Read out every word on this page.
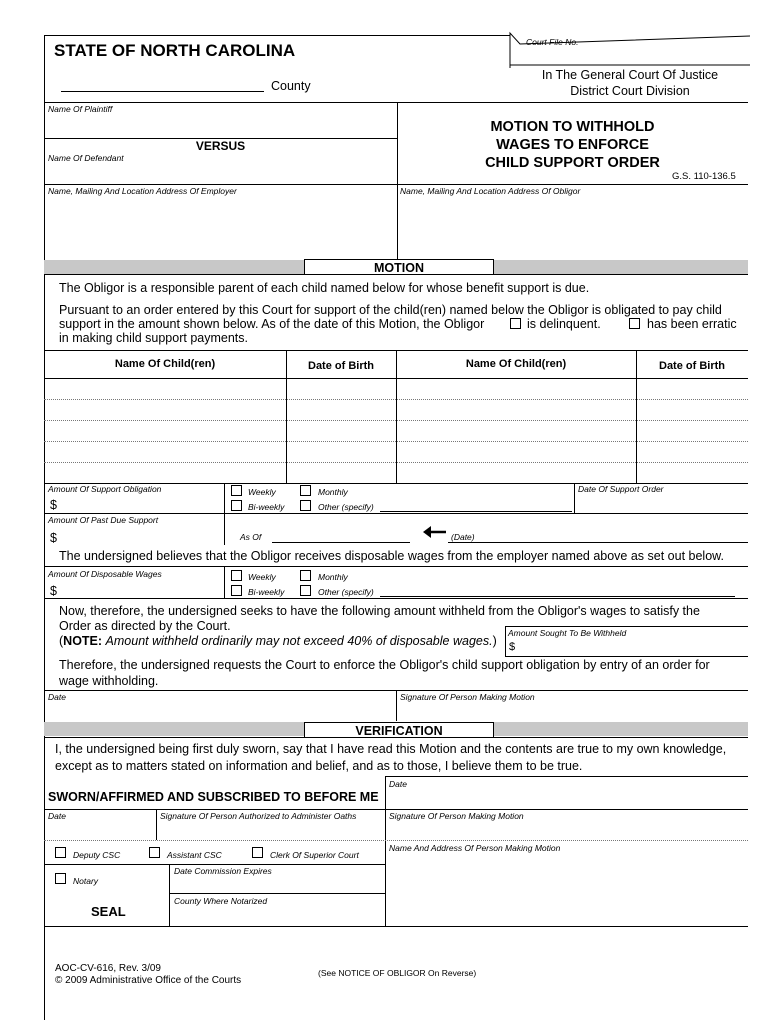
Court File No.
STATE OF NORTH CAROLINA
County
In The General Court Of Justice
District Court Division
Name Of Plaintiff
VERSUS
Name Of Defendant
MOTION TO WITHHOLD
WAGES TO ENFORCE
CHILD SUPPORT ORDER
G.S. 110-136.5
Name, Mailing And Location Address Of Employer	Name, Mailing And Location Address Of Obligor
MOTION
The Obligor is a responsible parent of each child named below for whose benefit support is due.
Pursuant to an order entered by this Court for support of the child(ren) named below the Obligor is obligated to pay child
support in the amount shown below. As of the date of this Motion, the Obligor	is delinquent.	has been erratic
in making child support payments.
Name Of Child(ren)	Date of Birth	Name Of Child(ren)	Date of Birth
Amount Of Support Obligation
$
Weekly	Monthly
Bi-weekly	Other (specify)
Date Of Support Order
Amount Of Past Due Support
$	As Of	(Date)
The undersigned believes that the Obligor receives disposable wages from the employer named above as set out below.
Amount Of Disposable Wages
$
Weekly	Monthly
Bi-weekly	Other (specify)
Now, therefore, the undersigned seeks to have the following amount withheld from the Obligor's wages to satisfy the
Order as directed by the Court.
(NOTE: Amount withheld ordinarily may not exceed 40% of disposable wages.)
Amount Sought To Be Withheld
$
Therefore, the undersigned requests the Court to enforce the Obligor's child support obligation by entry of an order for
wage withholding.
Date	Signature Of Person Making Motion
VERIFICATION
I, the undersigned being first duly sworn, say that I have read this Motion and the contents are true to my own knowledge,
except as to matters stated on information and belief, and as to those, I believe them to be true.
Date
SWORN/AFFIRMED AND SUBSCRIBED TO BEFORE ME
Date	Signature Of Person Authorized to Administer Oaths	Signature Of Person Making Motion
Deputy CSC	Assistant CSC	Clerk Of Superior Court
Name And Address Of Person Making Motion
Notary
Date Commission Expires
County Where Notarized
SEAL
AOC-CV-616, Rev. 3/09
© 2009 Administrative Office of the Courts
(See NOTICE OF OBLIGOR On Reverse)
